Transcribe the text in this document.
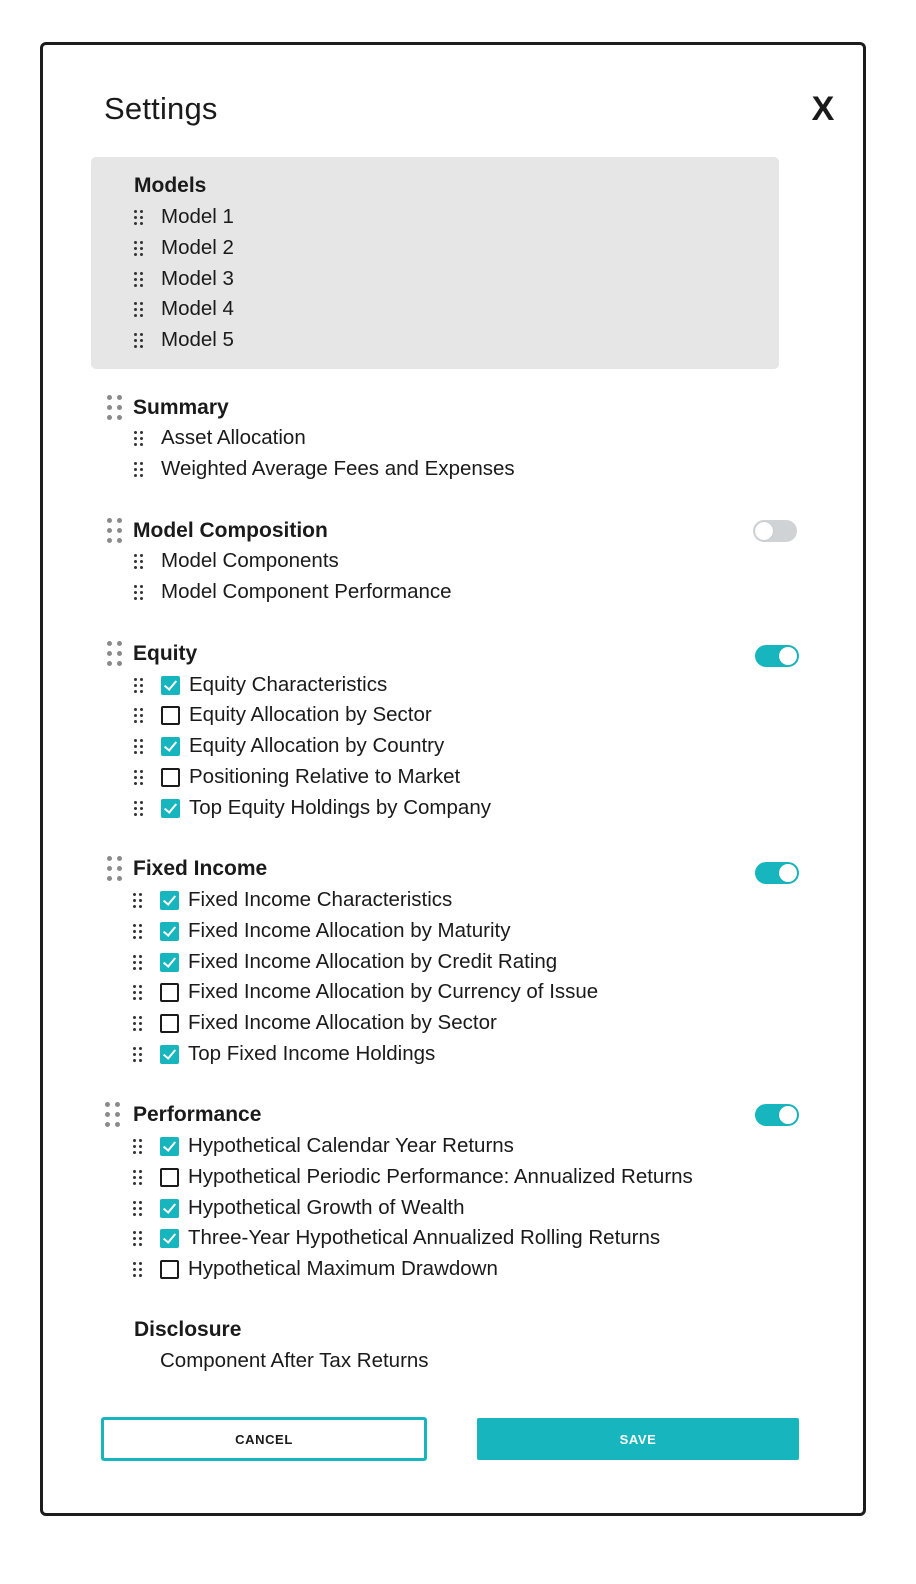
Settings	X
Models
Model 1
Model 2
Model 3
Model 4
Model 5
Summary
Asset Allocation
Weighted Average Fees and Expenses
Model Composition
Model Components
Model Component Performance
Equity
Equity Characteristics
Equity Allocation by Sector
Equity Allocation by Country
Positioning Relative to Market
Top Equity Holdings by Company
Fixed Income
Fixed Income Characteristics
Fixed Income Allocation by Maturity
Fixed Income Allocation by Credit Rating
Fixed Income Allocation by Currency of Issue
Fixed Income Allocation by Sector
Top Fixed Income Holdings
Performance
Hypothetical Calendar Year Returns
Hypothetical Periodic Performance: Annualized Returns
Hypothetical Growth of Wealth
Three-Year Hypothetical Annualized Rolling Returns
Hypothetical Maximum Drawdown
Disclosure
Component After Tax Returns
CANCEL	SAVE
